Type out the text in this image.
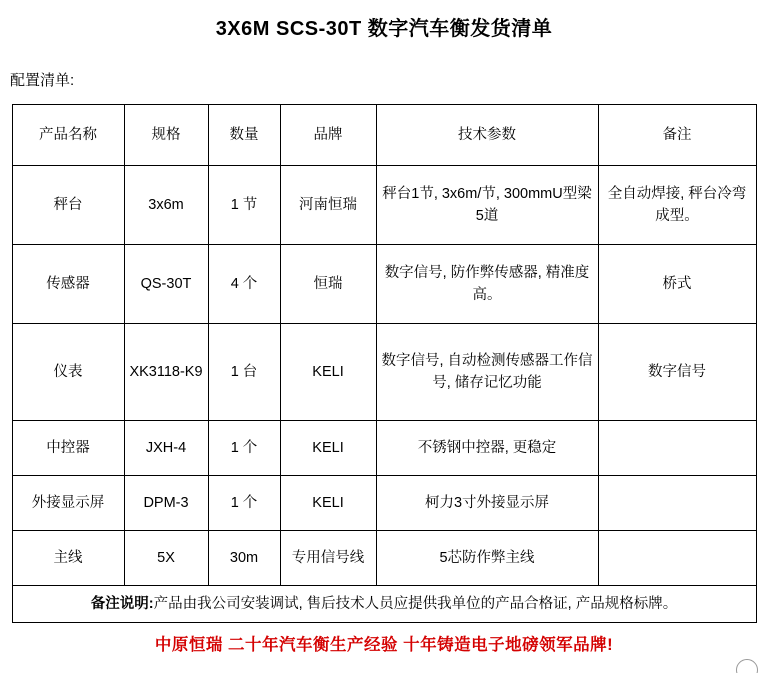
3X6M SCS-30T 数字汽车衡发货清单
配置清单:
产品名称	规格	数量	品牌	技术参数	备注
秤台	3x6m	1 节	河南恒瑞	秤台1节, 3x6m/节, 300mmU型梁5道	全自动焊接, 秤台冷弯成型。
传感器	QS-30T	4 个	恒瑞	数字信号, 防作弊传感器, 精准度高。	桥式
仪表	XK3118-K9	1 台	KELI	数字信号, 自动检测传感器工作信号, 储存记忆功能	数字信号
中控器	JXH-4	1 个	KELI	不锈钢中控器, 更稳定	
外接显示屏	DPM-3	1 个	KELI	柯力3寸外接显示屏	
主线	5X	30m	专用信号线	5芯防作弊主线	
备注说明:产品由我公司安装调试, 售后技术人员应提供我单位的产品合格证, 产品规格标牌。					
中原恒瑞 二十年汽车衡生产经验 十年铸造电子地磅领军品牌!
